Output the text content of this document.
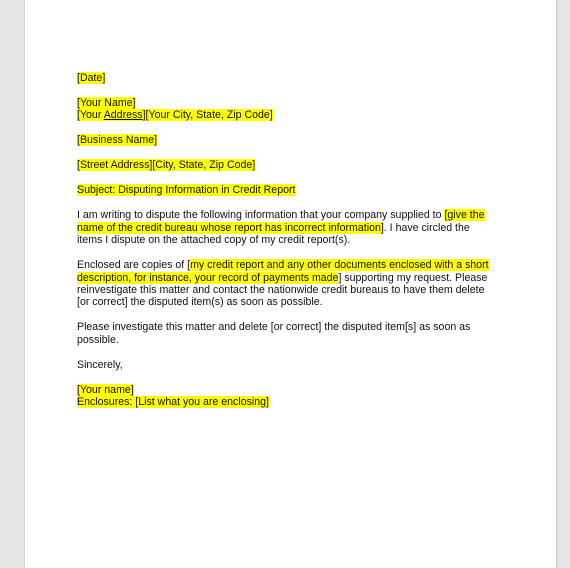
[Date]
[Your Name]
[Your Address][Your City, State, Zip Code]
[Business Name]
[Street Address][City, State, Zip Code]
Subject: Disputing Information in Credit Report
I am writing to dispute the following information that your company supplied to [give the
name of the credit bureau whose report has incorrect information]. I have circled the
items I dispute on the attached copy of my credit report(s).
Enclosed are copies of [my credit report and any other documents enclosed with a short
description, for instance, your record of payments made] supporting my request. Please
reinvestigate this matter and contact the nationwide credit bureaus to have them delete
[or correct] the disputed item(s) as soon as possible.
Please investigate this matter and delete [or correct] the disputed item[s] as soon as
possible.
Sincerely,
[Your name]
Enclosures: [List what you are enclosing]
